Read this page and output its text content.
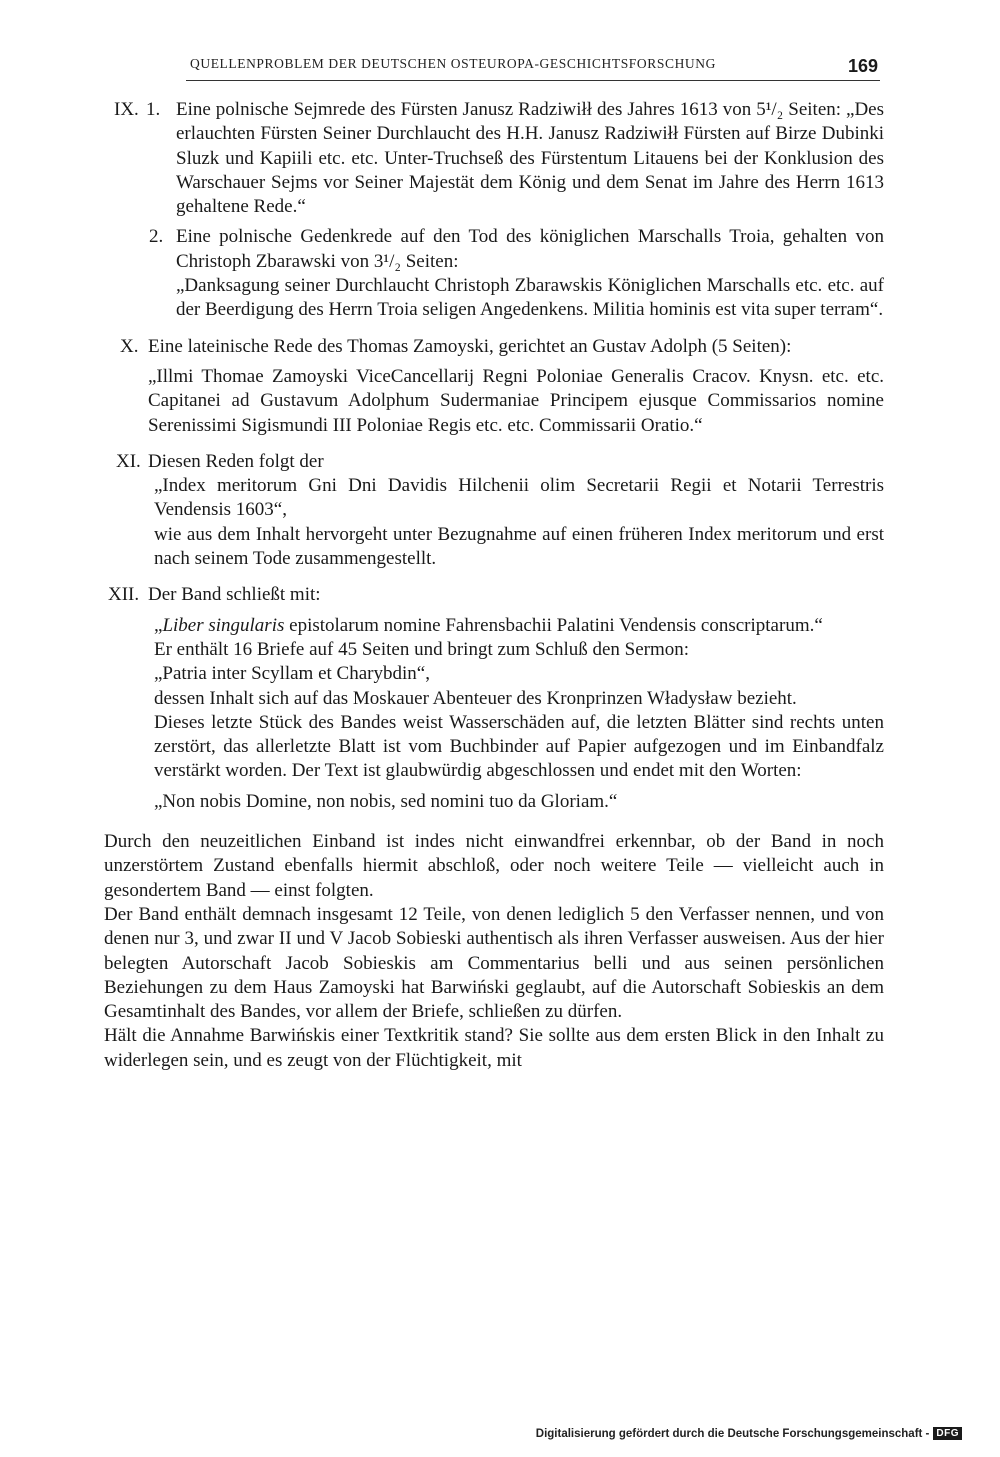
QUELLENPROBLEM DER DEUTSCHEN OSTEUROPA-GESCHICHTSFORSCHUNG	169
IX. 1. Eine polnische Sejmrede des Fürsten Janusz Radziwiłł des Jahres 1613 von 5¹/₂ Seiten: „Des erlauchten Fürsten Seiner Durchlaucht des H.H. Janusz Radziwiłł Fürsten auf Birze Dubinki Sluzk und Kapiili etc. etc. Unter-Truchseß des Fürstentum Litauens bei der Konklusion des Warschauer Sejms vor Seiner Majestät dem König und dem Senat im Jahre des Herrn 1613 gehaltene Rede.“

2. Eine polnische Gedenkrede auf den Tod des königlichen Marschalls Troia, gehalten von Christoph Zbarawski von 3¹/₂ Seiten:

„Danksagung seiner Durchlaucht Christoph Zbarawskis Königlichen Marschalls etc. etc. auf der Beerdigung des Herrn Troia seligen Angedenkens. Militia hominis est vita super terram“.

X. Eine lateinische Rede des Thomas Zamoyski, gerichtet an Gustav Adolph (5 Seiten):

„Illmi Thomae Zamoyski ViceCancellarij Regni Poloniae Generalis Cracov. Knysn. etc. etc. Capitanei ad Gustavum Adolphum Sudermaniae Principem ejusque Commissarios nomine Serenissimi Sigismundi III Poloniae Regis etc. etc. Commissarii Oratio.“

XI. Diesen Reden folgt der

„Index meritorum Gni Dni Davidis Hilchenii olim Secretarii Regii et Notarii Terrestris Vendensis 1603“,

wie aus dem Inhalt hervorgeht unter Bezugnahme auf einen früheren Index meritorum und erst nach seinem Tode zusammengestellt.

XII. Der Band schließt mit:

„Liber singularis epistolarum nomine Fahrensbachii Palatini Vendensis conscriptarum.“

Er enthält 16 Briefe auf 45 Seiten und bringt zum Schluß den Sermon:

„Patria inter Scyllam et Charybdin“,

dessen Inhalt sich auf das Moskauer Abenteuer des Kronprinzen Władysław bezieht.

Dieses letzte Stück des Bandes weist Wasserschäden auf, die letzten Blätter sind rechts unten zerstört, das allerletzte Blatt ist vom Buchbinder auf Papier aufgezogen und im Einbandfalz verstärkt worden. Der Text ist glaubwürdig abgeschlossen und endet mit den Worten:

„Non nobis Domine, non nobis, sed nomini tuo da Gloriam.“

Durch den neuzeitlichen Einband ist indes nicht einwandfrei erkennbar, ob der Band in noch unzerstörtem Zustand ebenfalls hiermit abschloß, oder noch weitere Teile — vielleicht auch in gesondertem Band — einst folgten.

Der Band enthält demnach insgesamt 12 Teile, von denen lediglich 5 den Verfasser nennen, und von denen nur 3, und zwar II und V Jacob Sobieski authentisch als ihren Verfasser ausweisen. Aus der hier belegten Autorschaft Jacob Sobieskis am Commentarius belli und aus seinen persönlichen Beziehungen zu dem Haus Zamoyski hat Barwiński geglaubt, auf die Autorschaft Sobieskis an dem Gesamtinhalt des Bandes, vor allem der Briefe, schließen zu dürfen.

Hält die Annahme Barwińskis einer Textkritik stand? Sie sollte aus dem ersten Blick in den Inhalt zu widerlegen sein, und es zeugt von der Flüchtigkeit, mit

Digitalisierung gefördert durch die Deutsche Forschungsgemeinschaft - DFG
